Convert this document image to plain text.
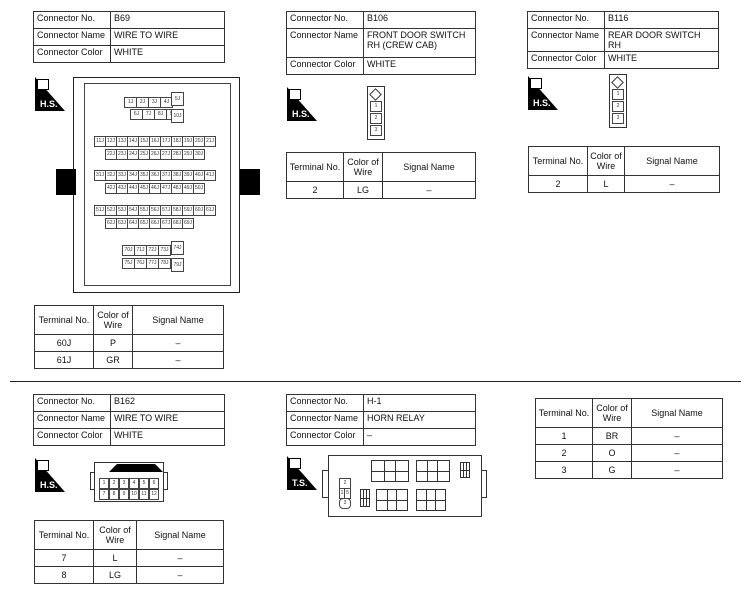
Connector No.	B69
Connector Name	WIRE TO WIRE
Connector Color	WHITE
H.S.	1J	2J	3J	4J
6J	7J	8J
5J
10J
11J 12J 13J 14J 15J 16J 17J 18J 19J 20J 21J
22J 23J 24J 25J 26J 27J 28J 29J 30J
31J 32J 33J 34J 35J 36J 37J 38J 39J 40J 41J
42J 43J 44J 45J 46J 47J 48J 49J 50J
51J 52J 53J 54J 55J 56J 57J 58J 59J 60J 61J
62J 63J 64J 65J 66J 67J 68J 69J
70J 71J 72J 73J
75J 76J 77J 78J
74J
79J
Terminal No.	Color of Wire	Signal Name
60J	P	–
61J	GR	–
Connector No.	B106
Connector Name	FRONT DOOR SWITCH RH (CREW CAB)
Connector Color	WHITE
H.S.
1
2
3
Terminal No.	Color of Wire	Signal Name
2	LG	–
Connector No.	B116
Connector Name	REAR DOOR SWITCH RH
Connector Color	WHITE
H.S.
1
2
3
Terminal No.	Color of Wire	Signal Name
2	L	–
Connector No.	B162
Connector Name	WIRE TO WIRE
Connector Color	WHITE
H.S.	1	2	3	4	5	6
7	8	9	10 11 12
Terminal No.	Color of Wire	Signal Name
7	L	–
8	LG	–
Connector No.	H-1
Connector Name	HORN RELAY
Connector Color	–
T.S.	2
1 5
3
Terminal No.	Color of Wire	Signal Name
1	BR	–
2	O	–
3	G	–
